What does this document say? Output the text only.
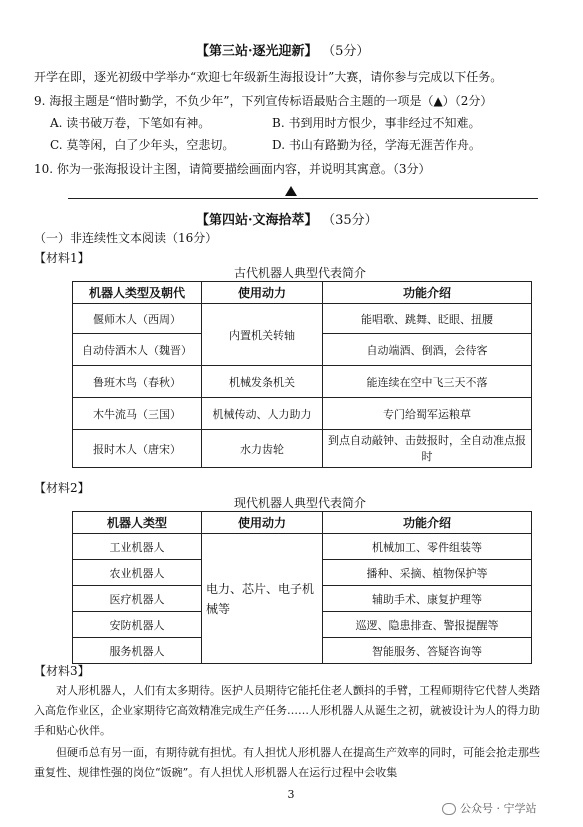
【第三站·逐光迎新】 （5分）
开学在即，逐光初级中学举办“欢迎七年级新生海报设计”大赛，请你参与完成以下任务。
9. 海报主题是“惜时勤学，不负少年”，下列宣传标语最贴合主题的一项是（▲）（2分）
A. 读书破万卷，下笔如有神。	B. 书到用时方恨少，事非经过不知难。
C. 莫等闲，白了少年头，空悲切。	D. 书山有路勤为径，学海无涯苦作舟。
10. 你为一张海报设计主图，请简要描绘画面内容，并说明其寓意。（3分）
【第四站·文海拾萃】 （35分）
（一）非连续性文本阅读（16分）
【材料1】
古代机器人典型代表简介
机器人类型及朝代	使用动力	功能介绍
偃师木人（西周）	内置机关转轴	能唱歌、跳舞、眨眼、扭腰
自动侍酒木人（魏晋）		自动端酒、倒酒，会待客
鲁班木鸟（春秋）	机械发条机关	能连续在空中飞三天不落
木牛流马（三国）	机械传动、人力助力	专门给蜀军运粮草
报时木人（唐宋）	水力齿轮	到点自动敲钟、击鼓报时，全自动准点报时
【材料2】
现代机器人典型代表简介
机器人类型	使用动力	功能介绍
工业机器人	电力、芯片、电子机械等	机械加工、零件组装等
农业机器人		播种、采摘、植物保护等
医疗机器人		辅助手术、康复护理等
安防机器人		巡逻、隐患排查、警报提醒等
服务机器人		智能服务、答疑咨询等
【材料3】
对人形机器人，人们有太多期待。医护人员期待它能托住老人颤抖的手臂，工程师期待它代替人类踏入高危作业区，企业家期待它高效精准完成生产任务……人形机器人从诞生之初，就被设计为人的得力助手和贴心伙伴。
但硬币总有另一面，有期待就有担忧。有人担忧人形机器人在提高生产效率的同时，可能会抢走那些重复性、规律性强的岗位“饭碗”。有人担忧人形机器人在运行过程中会收集
3
公众号 · 宁学站
